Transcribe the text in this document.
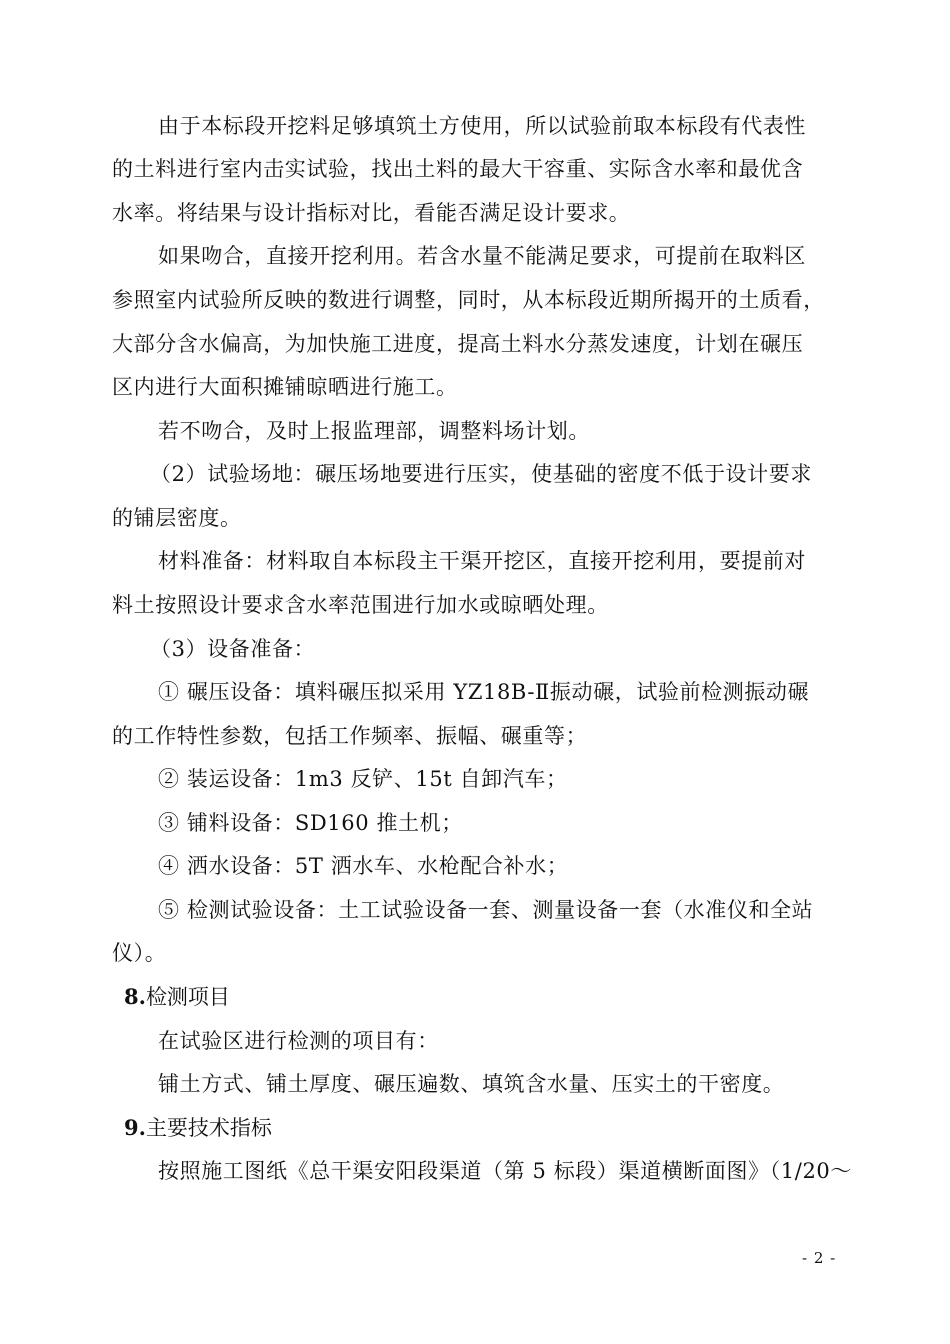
由于本标段开挖料足够填筑土方使用，所以试验前取本标段有代表性
的土料进行室内击实试验，找出土料的最大干容重、实际含水率和最优含
水率。将结果与设计指标对比，看能否满足设计要求。
如果吻合，直接开挖利用。若含水量不能满足要求，可提前在取料区
参照室内试验所反映的数进行调整，同时，从本标段近期所揭开的土质看，
大部分含水偏高，为加快施工进度，提高土料水分蒸发速度，计划在碾压
区内进行大面积摊铺晾晒进行施工。
若不吻合，及时上报监理部，调整料场计划。
（2）试验场地：碾压场地要进行压实，使基础的密度不低于设计要求
的铺层密度。
材料准备：材料取自本标段主干渠开挖区，直接开挖利用，要提前对
料土按照设计要求含水率范围进行加水或晾晒处理。
（3）设备准备：
① 碾压设备：填料碾压拟采用 YZ18B-Ⅱ振动碾，试验前检测振动碾
的工作特性参数，包括工作频率、振幅、碾重等；
② 装运设备：1m3 反铲、15t 自卸汽车；
③ 铺料设备：SD160 推土机；
④ 洒水设备：5T 洒水车、水枪配合补水；
⑤ 检测试验设备：土工试验设备一套、测量设备一套（水准仪和全站
仪）。
8.检测项目
在试验区进行检测的项目有：
铺土方式、铺土厚度、碾压遍数、填筑含水量、压实土的干密度。
9.主要技术指标
按照施工图纸《总干渠安阳段渠道（第 5 标段）渠道横断面图》（1/20～
- 2 -
